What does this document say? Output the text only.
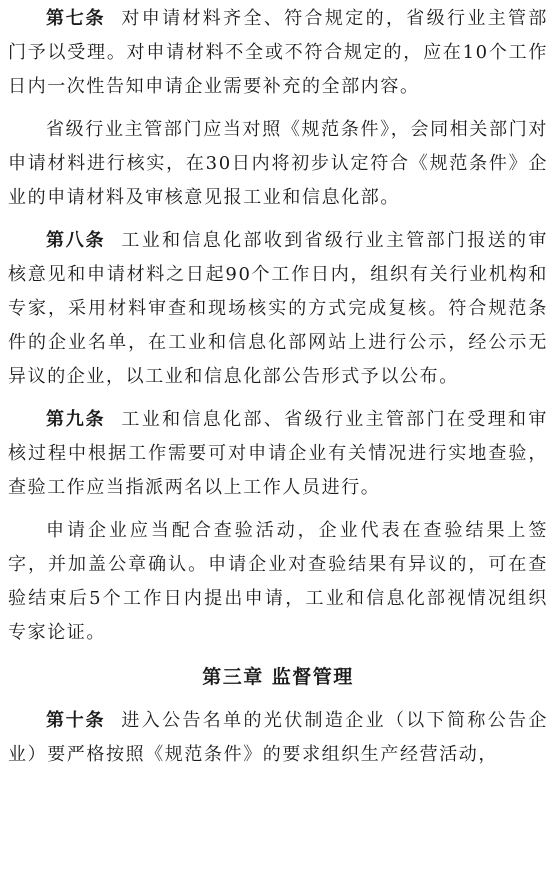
第七条 对申请材料齐全、符合规定的，省级行业主管部门予以受理。对申请材料不全或不符合规定的，应在10个工作日内一次性告知申请企业需要补充的全部内容。

省级行业主管部门应当对照《规范条件》，会同相关部门对申请材料进行核实，在30日内将初步认定符合《规范条件》企业的申请材料及审核意见报工业和信息化部。

第八条 工业和信息化部收到省级行业主管部门报送的审核意见和申请材料之日起90个工作日内，组织有关行业机构和专家，采用材料审查和现场核实的方式完成复核。符合规范条件的企业名单，在工业和信息化部网站上进行公示，经公示无异议的企业，以工业和信息化部公告形式予以公布。

第九条 工业和信息化部、省级行业主管部门在受理和审核过程中根据工作需要可对申请企业有关情况进行实地查验，查验工作应当指派两名以上工作人员进行。

申请企业应当配合查验活动，企业代表在查验结果上签字，并加盖公章确认。申请企业对查验结果有异议的，可在查验结束后5个工作日内提出申请，工业和信息化部视情况组织专家论证。

第三章 监督管理

第十条 进入公告名单的光伏制造企业（以下简称公告企业）要严格按照《规范条件》的要求组织生产经营活动，
